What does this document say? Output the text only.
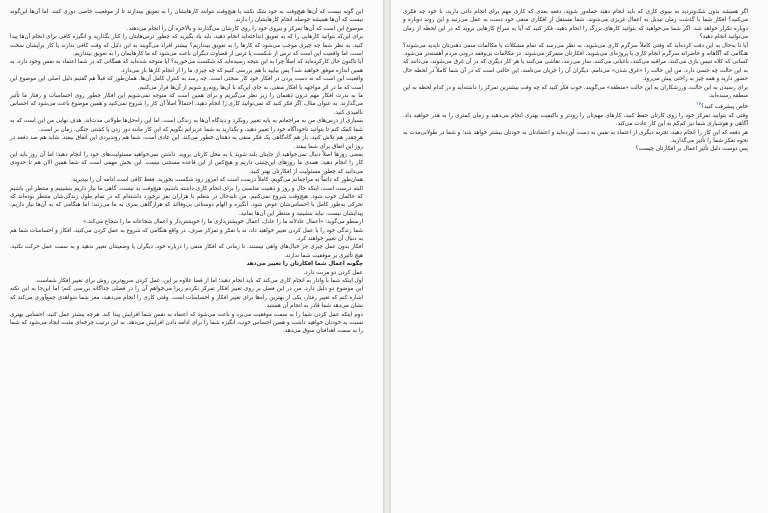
این گونه نیست که آن‌ها هیچ‌وقت به خود شک نکنند یا هیچ‌وقت نتوانند کارهایشان را به تعویق بیندازند تا از موقعیت خاصی دوری کنند. اما آن‌ها این‌گونه نیست که آن‌ها همیشه حوصله انجام کارهایشان را دارند.

موضوع این است که آن‌ها تمرکز و نیروی خود را روی کارشان می‌گذارند و بالاخره آن را انجام می‌دهند.

برای این‌که بتوانید کارهایی را که به تعویق انداخته‌اید انجام دهید، باید یاد بگیرید که چطور ترس‌هایتان را کنار بگذارید و انگیزه کافی برای انجام آن‌ها پیدا کنید. به نظر شما چه چیزی موجب می‌شود که کارها را به تعویق بیندازیم؟ بیشتر افراد می‌گویند به این دلیل که وقت کافی ندارند یا کار برایشان سخت است، اما واقعیت این است که ترس از شکست یا ترس از قضاوت دیگران باعث می‌شود که ما کارهایمان را به تعویق بیندازیم.

آیا تاکنون حال کارکرده‌اید که اصلاً چرا به این نتیجه رسیده‌اید که شکست می‌خورید؟ آیا متوجه شده‌اید که همگانی که در شما اعتماد به نفس وجود دارد، به همین اندازه موفق خواهید شد؟ پس بیایید با هم بررسی کنیم که چه چیزی ما را از انجام کارها باز می‌دارد.

واقعیت این است که نه دست بردن در افکار خود کار سختی است. چه رسد به کنترل کامل آن‌ها. همان‌طور که قبلاً هم گفتیم دلیل اصلی این موضوع این است که ما در اثر مواجهه با افکار منفی، به جای این‌که با آن‌ها روبه‌رو شویم از آن‌ها فرار می‌کنیم.

ما به ندرت افکار مهم درون ذهنمان را زیر نظر می‌گیریم و برای همین است که متوجه نمی‌شویم این افکار چطور روی احساسات و رفتار ما تأثیر می‌گذارند. به عنوان مثال، اگر فکر کنید که نمی‌توانید کاری را انجام دهید، احتمالاً اصلاً آن کار را شروع نمی‌کنید و همین موضوع باعث می‌شود که احساس ناامیدی کنید.

بسیاری از درس‌های من به مراجعانم به پایه تغییر رویکرد و دیدگاه آن‌ها به زندگی است. اما این راه‌حل‌ها طولانی مدت‌اند. هدف نهایی من این است که به شما کمک کنم تا بتوانید ناخودآگاه خود را تغییر دهید، و بگذارید به شما عزیزانم بگویم که این کار مانند دور زدن یا کشتی جنگی، زمان بر است.

هرچقدر هم تلاش کنید، باز هم گاه‌گاهی یک فکر منفی به ذهنتان خطور می‌کند. این عادی است. شما هم روندبردی این اتفاق بیفتد. شاید هم صد دفعه در روز این اتفاق برای شما بیفتد.

بعضی روزها اصلاً دنبال نمی‌خواهید از جایتان بلند شوید یا به محل کارتان بروید. داشتن نمی‌خواهید مسئولیت‌های خود را انجام دهید؛ اما آن روز باید این کار را انجام دهید. همه‌ی ما روزهای این‌چنینی داریم و هیچ‌کس از این قاعده مستثنی نیست. این بخش مهمی است که شما همین الان هم تا حدودی می‌دانید که چطور مسئولیت از افکارتان بهتر کنید.

همان‌طور که دائماً به مراجعانم می‌گویم، کاملاً درست است که امروز زود شکست بخورید. فقط کافی است ادامه آن را بپذیرید.

البته درست است، اینکه حال و روز و ذهنیت مناسبی را برای انجام کاری داشته باشیم، هیچ‌وقت بد نیست. گاهی ما نیاز داریم بنشینیم و منتظر این باشیم که حالمان خوب شود. هیچ‌وقت شروع نمی‌کنیم. من تابه‌حال در شغلم با هزاران نفر برخورد داشته‌ام که در تمام طول زندگی‌شان منتظر بوده‌اند که تحرکی به‌طور کامل یا احساس‌شان عوض شود. انگیزه و الهام دوستانی بی‌وفااند که هرازگاهی سری به ما می‌زنند؛ اما هنگامی که به آن‌ها نیاز داریم، پیدایشان نیست. نباید بنشینید و منتظر این آن‌ها بمانید.

ارسطو می‌گوید: «اعمال عادلانه ما را عادل، اعمال خویشتن‌داری ما را خویشتن‌دار و اعمال شجاعانه ما را شجاع می‌کند.»

شما زندگی خود را با عمل کردن تغییر خواهید داد، نه با تفکر و تمرکز صرف. در واقع هنگامی که شروع به عمل کردن می‌کنید، افکار و احساسات شما هم به دنبال آن تغییر خواهند کرد.

افکار بدون عمل چیزی جز خیال‌های واهی نیستند. تا زمانی که افکار منفی را درباره خود، دیگران یا وضعیتتان تغییر ندهید و به سمت عمل حرکت نکنید، هیچ تأثیری بر موفقیت شما ندارند.

چگونه اعمال شما افکارتان را تغییر می‌دهد

عمل کردن دو مزیت دارد.

اول اینکه شما با وادار به انجام کاری می‌کند که باید انجام دهید؛ اما از قضا علاوه بر این، عمل کردن سریع‌ترین روش برای تغییر افکار شماست.

این موضوع دو دلیل دارد. من در این فصل بر روی تغییر افکار تمرکز نکردم زیرا می‌خواهم آن را در فصلی جداگانه بررسی کنم؛ اما این‌جا به این نکته اشاره کنم که تغییر رفتار، یکی از بهترین راه‌ها برای تغییر افکار و احساسات است. وقتی کاری را انجام می‌دهید، مغز شما شواهدی جمع‌آوری می‌کند که نشان می‌دهد شما قادر به انجام آن هستید.

دوم اینکه عمل کردن شما را به سمت موفقیت می‌برد و باعث می‌شود که اعتماد به نفس شما افزایش پیدا کند. هرچه بیشتر عمل کنید، احساس بهتری نسبت به خودتان خواهید داشت و همین احساس خوب، انگیزه شما را برای ادامه دادن افزایش می‌دهد. به این ترتیب چرخه‌ای مثبت ایجاد می‌شود که شما را به سمت اهدافتان سوق می‌دهد.

اگر همیشه بدون شک‌وتردید به سوی کاری که باید انجام دهید حمله‌ور شوید، دفعه بعدی که کاری مهم برای انجام دادن دارید، با خود چه فکری می‌کنید؟ افکار شما با گذشت زمان تبدیل به اعمال غریزی می‌شوند. شما مستقل از افکاری منفی خود دست به عمل می‌زنید و این روند دوباره و دوباره تکرار خواهد شد. اگر شما می‌خواهید که بتوانید کارهای بزرگ را انجام دهید، فکر کنید که آیا به سراغ کارهایی بروید که در این لحظه از زمان می‌توانید انجام دهید؟

آیا تا به‌حال به این دقت کرده‌اید که وقتی کاملاً سرگرم کاری می‌شوید، به نظر می‌رسد که تمام مشکلات یا مکالمات منفی ذهنی‌تان ناپدید می‌شوند؟ هنگامی که آگاهانه و حاضرانه سرگرم انجام کاری با پروژه‌ای می‌شوید، افکارتان متمرکز می‌شوند. در مکالمات بی‌وقفه درونی مردم آهسته‌تر می‌شود. کسانی که کلاه تنیس بازی می‌کنند، مراقبه می‌کنند، باغبانی می‌کنند، ساز می‌زنند، نقاشی می‌کنند یا هر کار دیگری که در آن غرق می‌شوند، می‌دانند که به این حالت چه حسی دارد. من این حالت را «غرق شدن» می‌نامم. دیگران آن را جریان می‌نامند. این حالتی است که در آن شما کاملاً در لحظه حال حضور دارید و همه چیز به راحتی پیش می‌رود.

برای رسیدن به این حالت، ورزشکاران به این حالت «منطقه» می‌گویند. خوب فکر کنید که چه وقت بیشترین تمرکز را داشته‌اید و در کدام لحظه به این منطقه رسیده‌اید.

خاص پیشرفت کنید؟$^{۱۷}$

وقتی که بتوانید تمرکز خود را روی کارتان حفظ کنید، کارهای مهم‌تان را زودتر و باکیفیت بهتری انجام می‌دهید و زمان کمتری را به هدر خواهید داد. آگاهی و هوشیاری شما نیز کم‌کم به این کار عادت می‌کند.

هر دفعه که این کار را انجام دهید، تجربه دیگری از اعتماد به نفس به دست آورده‌اید و اعتمادتان به خودتان بیشتر خواهد شد؛ و شما در طولانی‌مدت به نحوه تفکر شما را تأثیر می‌گذارید.

پس دوست دلیل تأثیر اعمال بر افکارتان چیست؟
